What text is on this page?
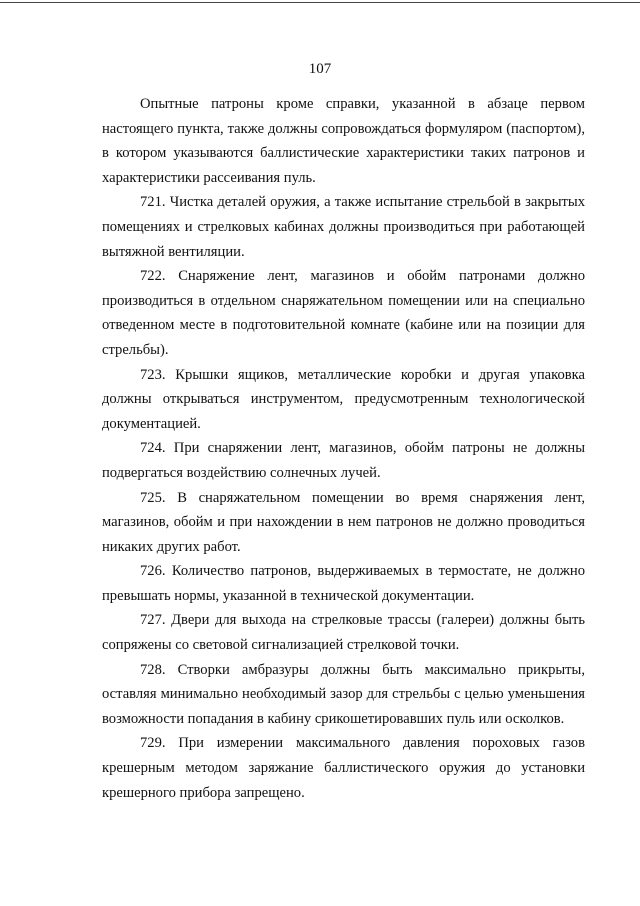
107

Опытные патроны кроме справки, указанной в абзаце первом настоящего пункта, также должны сопровождаться формуляром (паспортом), в котором указываются баллистические характеристики таких патронов и характеристики рассеивания пуль.

721. Чистка деталей оружия, а также испытание стрельбой в закрытых помещениях и стрелковых кабинах должны производиться при работающей вытяжной вентиляции.

722. Снаряжение лент, магазинов и обойм патронами должно производиться в отдельном снаряжательном помещении или на специально отведенном месте в подготовительной комнате (кабине или на позиции для стрельбы).

723. Крышки ящиков, металлические коробки и другая упаковка должны открываться инструментом, предусмотренным технологической документацией.

724. При снаряжении лент, магазинов, обойм патроны не должны подвергаться воздействию солнечных лучей.

725. В снаряжательном помещении во время снаряжения лент, магазинов, обойм и при нахождении в нем патронов не должно проводиться никаких других работ.

726. Количество патронов, выдерживаемых в термостате, не должно превышать нормы, указанной в технической документации.

727. Двери для выхода на стрелковые трассы (галереи) должны быть сопряжены со световой сигнализацией стрелковой точки.

728. Створки амбразуры должны быть максимально прикрыты, оставляя минимально необходимый зазор для стрельбы с целью уменьшения возможности попадания в кабину срикошетировавших пуль или осколков.

729. При измерении максимального давления пороховых газов крешерным методом заряжание баллистического оружия до установки крешерного прибора запрещено.
